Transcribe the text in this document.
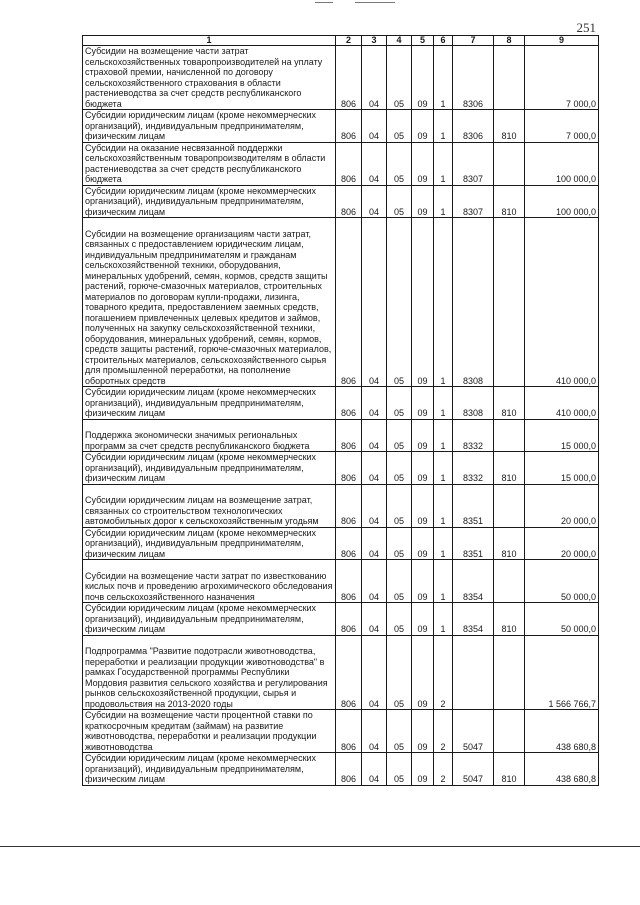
251
1	2	3	4	5	6	7	8	9
Субсидии на возмещение части затрат сельскохозяйственных товаропроизводителей на уплату страховой премии, начисленной по договору сельскохозяйственного страхования в области растениеводства за счет средств республиканского бюджета	806	04	05	09	1	8306		7 000,0
Субсидии юридическим лицам (кроме некоммерческих организаций), индивидуальным предпринимателям, физическим лицам	806	04	05	09	1	8306	810	7 000,0
Субсидии на оказание несвязанной поддержки сельскохозяйственным товаропроизводителям в области растениеводства за счет средств республиканского бюджета	806	04	05	09	1	8307		100 000,0
Субсидии юридическим лицам (кроме некоммерческих организаций), индивидуальным предпринимателям, физическим лицам	806	04	05	09	1	8307	810	100 000,0
Субсидии на возмещение организациям части затрат, связанных с предоставлением юридическим лицам, индивидуальным предпринимателям и гражданам сельскохозяйственной техники, оборудования, минеральных удобрений, семян, кормов, средств защиты растений, горюче-смазочных материалов, строительных материалов по договорам купли-продажи, лизинга, товарного кредита, предоставлением заемных средств, погашением привлеченных целевых кредитов и займов, полученных на закупку сельскохозяйственной техники, оборудования, минеральных удобрений, семян, кормов, средств защиты растений, горюче-смазочных материалов, строительных материалов, сельскохозяйственного сырья для промышленной переработки, на пополнение оборотных средств	806	04	05	09	1	8308		410 000,0
Субсидии юридическим лицам (кроме некоммерческих организаций), индивидуальным предпринимателям, физическим лицам	806	04	05	09	1	8308	810	410 000,0
Поддержка экономически значимых региональных программ за счет средств республиканского бюджета	806	04	05	09	1	8332		15 000,0
Субсидии юридическим лицам (кроме некоммерческих организаций), индивидуальным предпринимателям, физическим лицам	806	04	05	09	1	8332	810	15 000,0
Субсидии юридическим лицам на возмещение затрат, связанных со строительством технологических автомобильных дорог к сельскохозяйственным угодьям	806	04	05	09	1	8351		20 000,0
Субсидии юридическим лицам (кроме некоммерческих организаций), индивидуальным предпринимателям, физическим лицам	806	04	05	09	1	8351	810	20 000,0
Субсидии на возмещение части затрат по известкованию кислых почв и проведению агрохимического обследования почв сельскохозяйственного назначения	806	04	05	09	1	8354		50 000,0
Субсидии юридическим лицам (кроме некоммерческих организаций), индивидуальным предпринимателям, физическим лицам	806	04	05	09	1	8354	810	50 000,0
Подпрограмма "Развитие подотрасли животноводства, переработки и реализации продукции животноводства" в рамках Государственной программы Республики Мордовия развития сельского хозяйства и регулирования рынков сельскохозяйственной продукции, сырья и продовольствия на 2013-2020 годы	806	04	05	09	2			1 566 766,7
Субсидии на возмещение части процентной ставки по краткосрочным кредитам (займам) на развитие животноводства, переработки и реализации продукции животноводства	806	04	05	09	2	5047		438 680,8
Субсидии юридическим лицам (кроме некоммерческих организаций), индивидуальным предпринимателям, физическим лицам	806	04	05	09	2	5047	810	438 680,8
